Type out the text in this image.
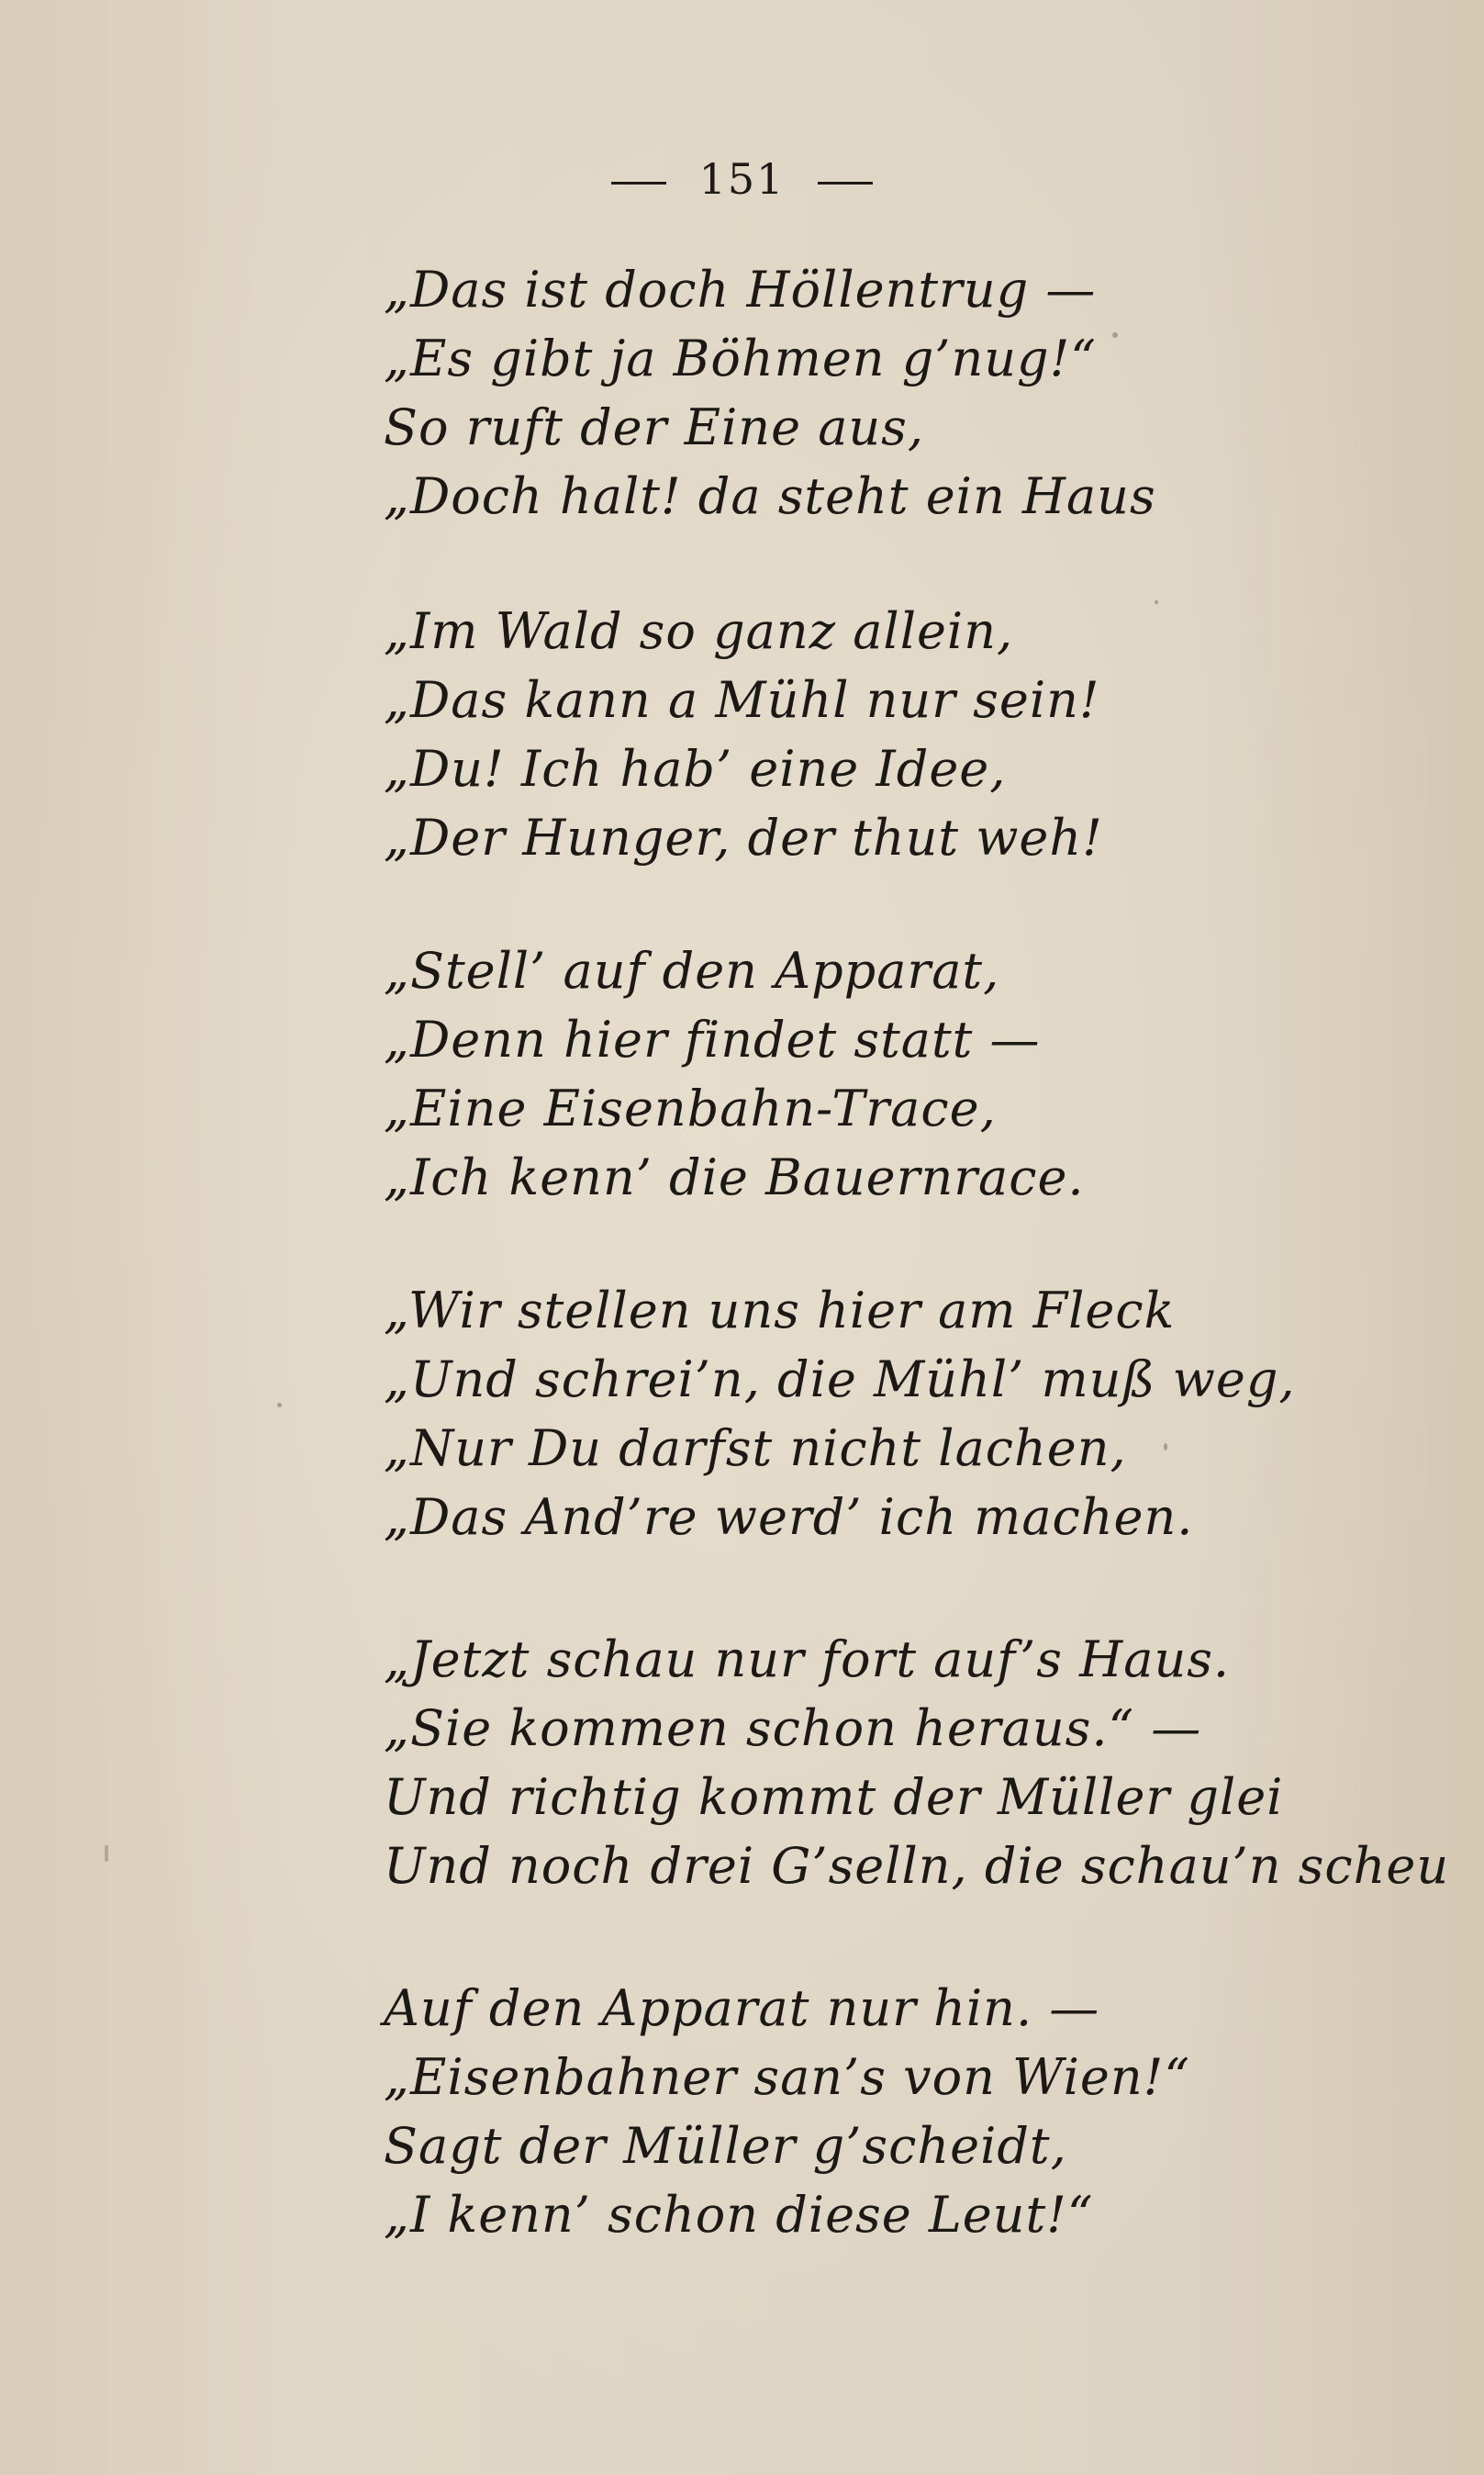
151
„Das ist doch Höllentrug —
„Es gibt ja Böhmen g’nug!“
So ruft der Eine aus,
„Doch halt! da steht ein Haus
„Im Wald so ganz allein,
„Das kann a Mühl nur sein!
„Du! Ich hab’ eine Idee,
„Der Hunger, der thut weh!
„Stell’ auf den Apparat,
„Denn hier findet statt —
„Eine Eisenbahn-Trace,
„Ich kenn’ die Bauernrace.
„Wir stellen uns hier am Fleck
„Und schrei’n, die Mühl’ muß weg,
„Nur Du darfst nicht lachen,
„Das And’re werd’ ich machen.
„Jetzt schau nur fort auf’s Haus.
„Sie kommen schon heraus.“ —
Und richtig kommt der Müller glei
Und noch drei G’selln, die schau’n scheu
Auf den Apparat nur hin. —
„Eisenbahner san’s von Wien!“
Sagt der Müller g’scheidt,
„I kenn’ schon diese Leut!“
